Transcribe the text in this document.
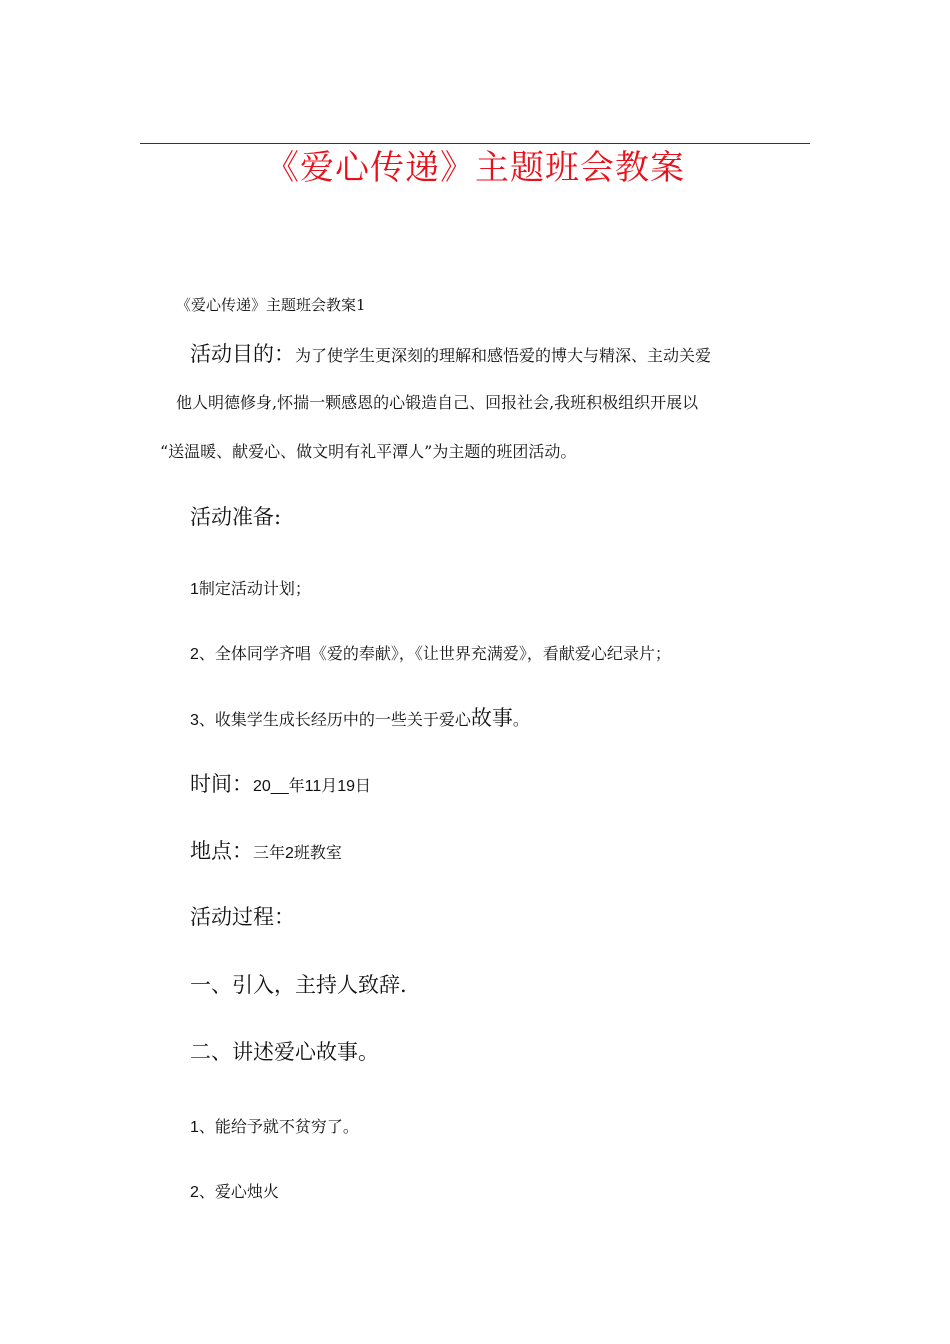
《爱心传递》主题班会教案
《爱心传递》主题班会教案1
活动目的：为了使学生更深刻的理解和感悟爱的博大与精深、主动关爱
他人明德修身,怀揣一颗感恩的心锻造自己、回报社会,我班积极组织开展以
“送温暖、献爱心、做文明有礼平潭人”为主题的班团活动。
活动准备:
1制定活动计划；
2、全体同学齐唱《爱的奉献》，《让世界充满爱》，看献爱心纪录片；
3、收集学生成长经历中的一些关于爱心故事。
时间：20__年11月19日
地点：三年2班教室
活动过程：
一、引入，主持人致辞.
二、讲述爱心故事。
1、能给予就不贫穷了。
2、爱心烛火
